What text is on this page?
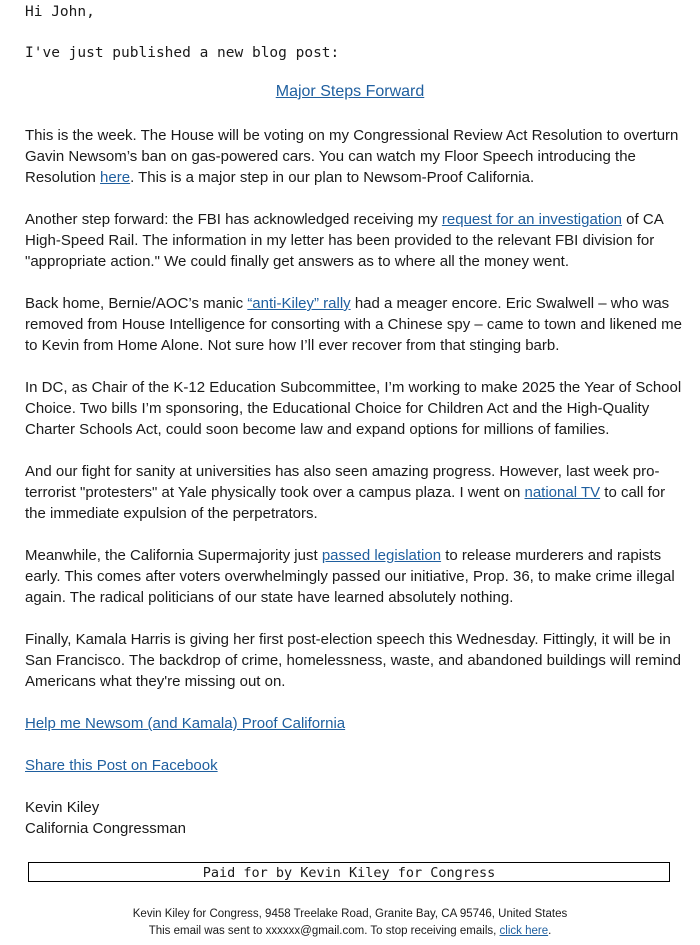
Hi John,
I've just published a new blog post:
Major Steps Forward

This is the week. The House will be voting on my Congressional Review Act Resolution to overturn Gavin Newsom’s ban on gas-powered cars. You can watch my Floor Speech introducing the Resolution here. This is a major step in our plan to Newsom-Proof California.

Another step forward: the FBI has acknowledged receiving my request for an investigation of CA High-Speed Rail. The information in my letter has been provided to the relevant FBI division for "appropriate action." We could finally get answers as to where all the money went.

Back home, Bernie/AOC’s manic “anti-Kiley” rally had a meager encore. Eric Swalwell – who was removed from House Intelligence for consorting with a Chinese spy – came to town and likened me to Kevin from Home Alone. Not sure how I’ll ever recover from that stinging barb.

In DC, as Chair of the K-12 Education Subcommittee, I’m working to make 2025 the Year of School Choice. Two bills I’m sponsoring, the Educational Choice for Children Act and the High-Quality Charter Schools Act, could soon become law and expand options for millions of families.

And our fight for sanity at universities has also seen amazing progress. However, last week pro-terrorist "protesters" at Yale physically took over a campus plaza. I went on national TV to call for the immediate expulsion of the perpetrators.

Meanwhile, the California Supermajority just passed legislation to release murderers and rapists early. This comes after voters overwhelmingly passed our initiative, Prop. 36, to make crime illegal again. The radical politicians of our state have learned absolutely nothing.

Finally, Kamala Harris is giving her first post-election speech this Wednesday. Fittingly, it will be in San Francisco. The backdrop of crime, homelessness, waste, and abandoned buildings will remind Americans what they're missing out on.

Help me Newsom (and Kamala) Proof California
Share this Post on Facebook
Kevin Kiley
California Congressman
Paid for by Kevin Kiley for Congress
Kevin Kiley for Congress, 9458 Treelake Road, Granite Bay, CA 95746, United States
This email was sent to xxxxxx@gmail.com. To stop receiving emails, click here.
